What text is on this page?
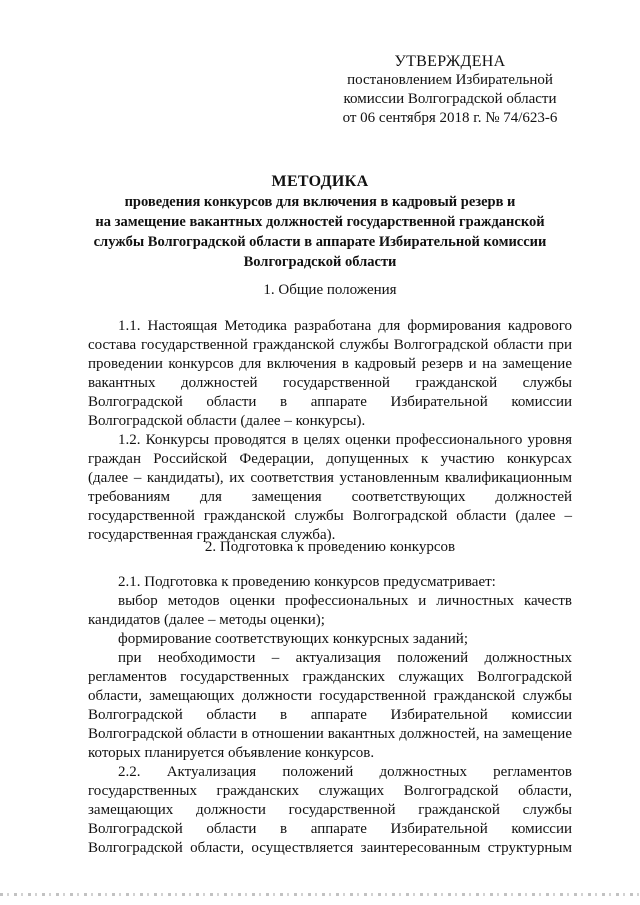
УТВЕРЖДЕНА
постановлением Избирательной
комиссии Волгоградской области
от 06 сентября 2018 г. № 74/623-6
МЕТОДИКА
проведения конкурсов для включения в кадровый резерв и
на замещение вакантных должностей государственной гражданской
службы Волгоградской области в аппарате Избирательной комиссии
Волгоградской области
1. Общие положения
1.1. Настоящая Методика разработана для формирования кадрового
состава государственной гражданской службы Волгоградской области при
проведении конкурсов для включения в кадровый резерв и на замещение
вакантных должностей государственной гражданской службы
Волгоградской области в аппарате Избирательной комиссии
Волгоградской области (далее – конкурсы).
1.2. Конкурсы проводятся в целях оценки профессионального уровня
граждан Российской Федерации, допущенных к участию конкурсах
(далее – кандидаты), их соответствия установленным квалификационным
требованиям для замещения соответствующих должностей
государственной гражданской службы Волгоградской области (далее –
государственная гражданская служба).
2. Подготовка к проведению конкурсов
2.1. Подготовка к проведению конкурсов предусматривает:
выбор методов оценки профессиональных и личностных качеств
кандидатов (далее – методы оценки);
формирование соответствующих конкурсных заданий;
при необходимости – актуализация положений должностных
регламентов государственных гражданских служащих Волгоградской
области, замещающих должности государственной гражданской службы
Волгоградской области в аппарате Избирательной комиссии
Волгоградской области в отношении вакантных должностей, на замещение
которых планируется объявление конкурсов.
2.2. Актуализация положений должностных регламентов
государственных гражданских служащих Волгоградской области,
замещающих должности государственной гражданской службы
Волгоградской области в аппарате Избирательной комиссии
Волгоградской области, осуществляется заинтересованным структурным
